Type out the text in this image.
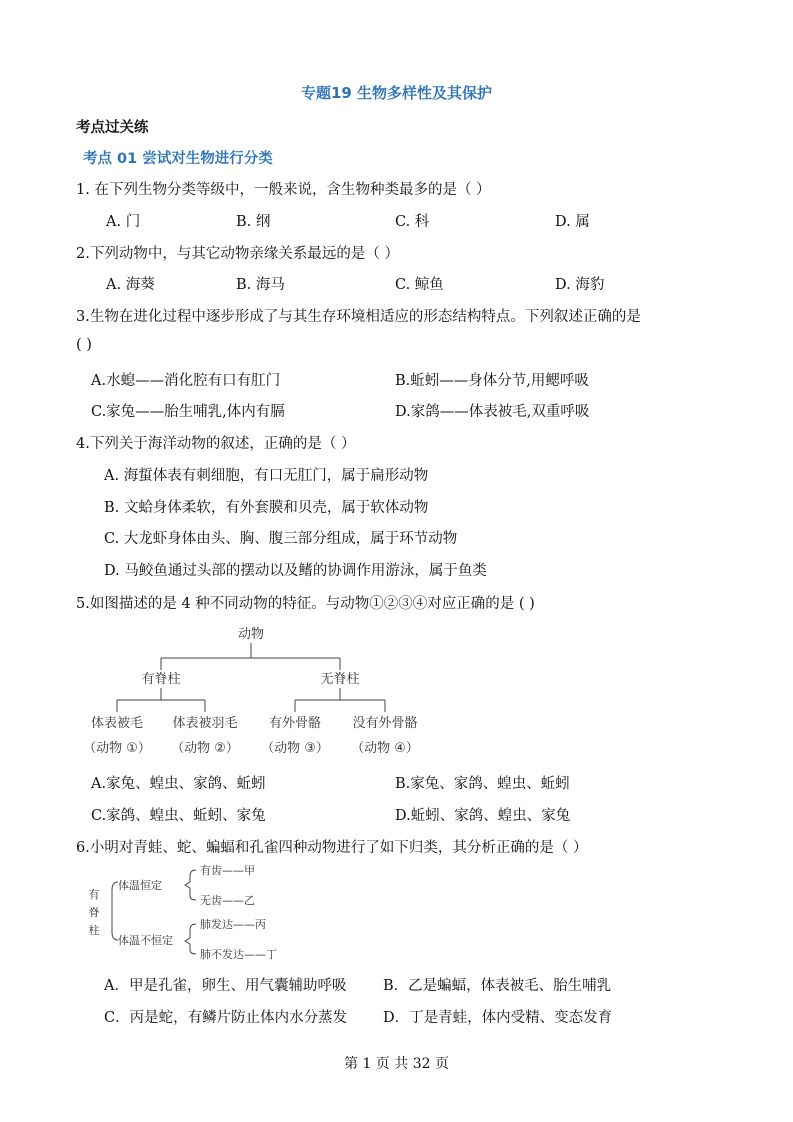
专题19 生物多样性及其保护
考点过关练
考点 01 尝试对生物进行分类
1. 在下列生物分类等级中，一般来说，含生物种类最多的是（ ）
A. 门	B. 纲	C. 科	D. 属
2.下列动物中，与其它动物亲缘关系最远的是（ ）
A. 海葵	B. 海马	C. 鲸鱼	D. 海豹
3.生物在进化过程中逐步形成了与其生存环境相适应的形态结构特点。下列叙述正确的是
( )
A.水螅——消化腔有口有肛门	B.蚯蚓——身体分节,用鳃呼吸
C.家兔——胎生哺乳,体内有膈	D.家鸽——体表被毛,双重呼吸
4.下列关于海洋动物的叙述，正确的是（ ）
A. 海蜇体表有刺细胞，有口无肛门，属于扁形动物
B. 文蛤身体柔软，有外套膜和贝壳，属于软体动物
C. 大龙虾身体由头、胸、腹三部分组成，属于环节动物
D. 马鲛鱼通过头部的摆动以及鳍的协调作用游泳，属于鱼类
5.如图描述的是 4 种不同动物的特征。与动物①②③④对应正确的是 ( )
动物
有脊柱	无脊柱
体表被毛 体表被羽毛 有外骨骼 没有外骨骼
（动物 ①） （动物 ②） （动物 ③） （动物 ④）
A.家兔、蝗虫、家鸽、蚯蚓	B.家兔、家鸽、蝗虫、蚯蚓
C.家鸽、蝗虫、蚯蚓、家兔	D.蚯蚓、家鸽、蝗虫、家兔
6.小明对青蛙、蛇、蝙蝠和孔雀四种动物进行了如下归类，其分析正确的是（ ）
有
脊
柱
体温恒定
体温不恒定
有齿——甲
无齿——乙
肺发达——丙
肺不发达——丁
A．甲是孔雀，卵生、用气囊辅助呼吸	B．乙是蝙蝠，体表被毛、胎生哺乳
C．丙是蛇，有鳞片防止体内水分蒸发 D．丁是青蛙，体内受精、变态发育
第 1 页 共 32 页
